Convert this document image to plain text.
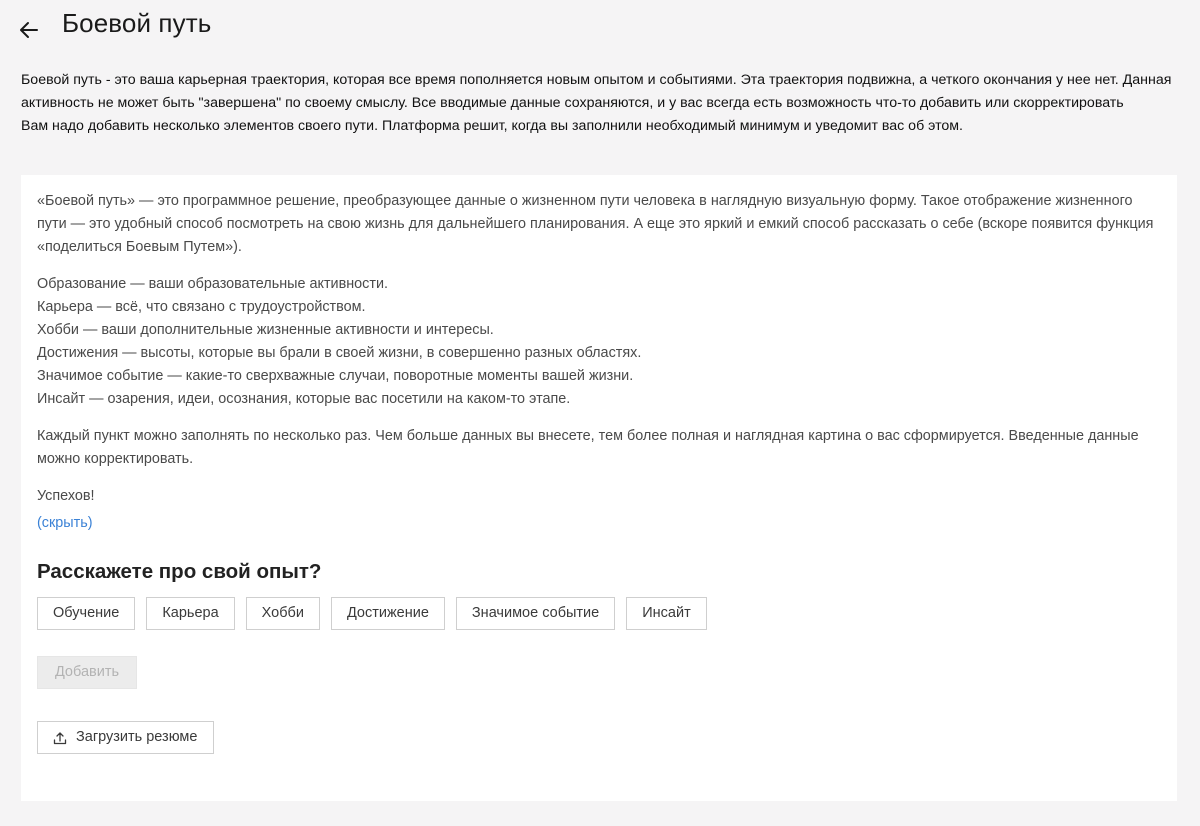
Боевой путь

Боевой путь - это ваша карьерная траектория, которая все время пополняется новым опытом и событиями. Эта траектория подвижна, а четкого окончания у нее нет. Данная активность не может быть "завершена" по своему смыслу. Все вводимые данные сохраняются, и у вас всегда есть возможность что-то добавить или скорректировать

Вам надо добавить несколько элементов своего пути. Платформа решит, когда вы заполнили необходимый минимум и уведомит вас об этом.

«Боевой путь» — это программное решение, преобразующее данные о жизненном пути человека в наглядную визуальную форму. Такое отображение жизненного пути — это удобный способ посмотреть на свою жизнь для дальнейшего планирования. А еще это яркий и емкий способ рассказать о себе (вскоре появится функция «поделиться Боевым Путем»).

Образование — ваши образовательные активности.
Карьера — всё, что связано с трудоустройством.
Хобби — ваши дополнительные жизненные активности и интересы.
Достижения — высоты, которые вы брали в своей жизни, в совершенно разных областях.
Значимое событие — какие-то сверхважные случаи, поворотные моменты вашей жизни.
Инсайт — озарения, идеи, осознания, которые вас посетили на каком-то этапе.

Каждый пункт можно заполнять по несколько раз. Чем больше данных вы внесете, тем более полная и наглядная картина о вас сформируется. Введенные данные можно корректировать.

Успехов!
(скрыть)
Расскажете про свой опыт?
Обучение	Карьера	Хобби	Достижение	Значимое событие	Инсайт
Добавить
Загрузить резюме
